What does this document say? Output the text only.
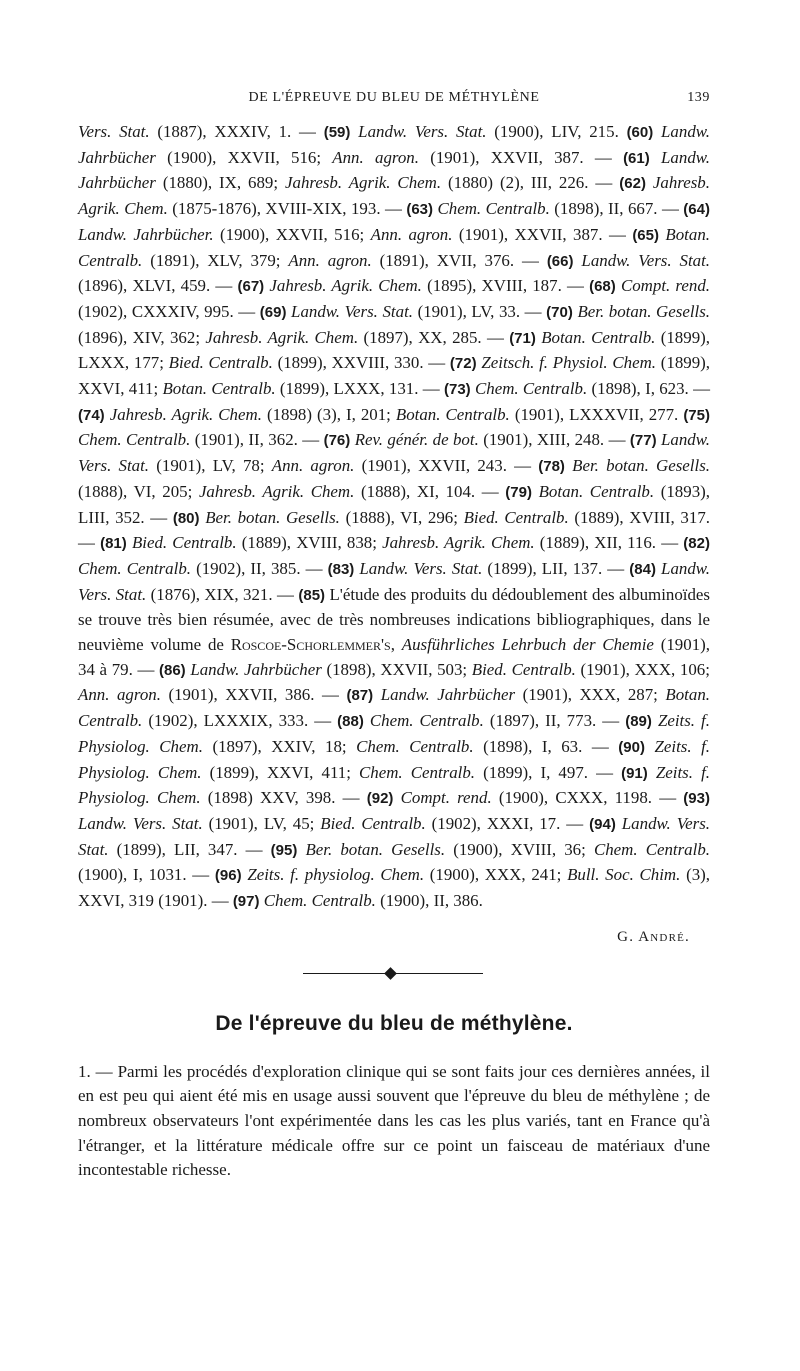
DE L'ÉPREUVE DU BLEU DE MÉTHYLÈNE	139

Vers. Stat. (1887), XXXIV, 1. — (59) Landw. Vers. Stat. (1900), LIV, 215. (60) Landw. Jahrbücher (1900), XXVII, 516; Ann. agron. (1901), XXVII, 387. — (61) Landw. Jahrbücher (1880), IX, 689; Jahresb. Agrik. Chem. (1880) (2), III, 226. — (62) Jahresb. Agrik. Chem. (1875-1876), XVIII-XIX, 193. — (63) Chem. Centralb. (1898), II, 667. — (64) Landw. Jahrbücher. (1900), XXVII, 516; Ann. agron. (1901), XXVII, 387. — (65) Botan. Centralb. (1891), XLV, 379; Ann. agron. (1891), XVII, 376. — (66) Landw. Vers. Stat. (1896), XLVI, 459. — (67) Jahresb. Agrik. Chem. (1895), XVIII, 187. — (68) Compt. rend. (1902), CXXXIV, 995. — (69) Landw. Vers. Stat. (1901), LV, 33. — (70) Ber. botan. Gesells. (1896), XIV, 362; Jahresb. Agrik. Chem. (1897), XX, 285. — (71) Botan. Centralb. (1899), LXXX, 177; Bied. Centralb. (1899), XXVIII, 330. — (72) Zeitsch. f. Physiol. Chem. (1899), XXVI, 411; Botan. Centralb. (1899), LXXX, 131. — (73) Chem. Centralb. (1898), I, 623. — (74) Jahresb. Agrik. Chem. (1898) (3), I, 201; Botan. Centralb. (1901), LXXXVII, 277. (75) Chem. Centralb. (1901), II, 362. — (76) Rev. génér. de bot. (1901), XIII, 248. — (77) Landw. Vers. Stat. (1901), LV, 78; Ann. agron. (1901), XXVII, 243. — (78) Ber. botan. Gesells. (1888), VI, 205; Jahresb. Agrik. Chem. (1888), XI, 104. — (79) Botan. Centralb. (1893), LIII, 352. — (80) Ber. botan. Gesells. (1888), VI, 296; Bied. Centralb. (1889), XVIII, 317. — (81) Bied. Centralb. (1889), XVIII, 838; Jahresb. Agrik. Chem. (1889), XII, 116. — (82) Chem. Centralb. (1902), II, 385. — (83) Landw. Vers. Stat. (1899), LII, 137. — (84) Landw. Vers. Stat. (1876), XIX, 321. — (85) L'étude des produits du dédoublement des albuminoïdes se trouve très bien résumée, avec de très nombreuses indications bibliographiques, dans le neuvième volume de Roscoe-Schorlemmer's, Ausführliches Lehrbuch der Chemie (1901), 34 à 79. — (86) Landw. Jahrbücher (1898), XXVII, 503; Bied. Centralb. (1901), XXX, 106; Ann. agron. (1901), XXVII, 386. — (87) Landw. Jahrbücher (1901), XXX, 287; Botan. Centralb. (1902), LXXXIX, 333. — (88) Chem. Centralb. (1897), II, 773. — (89) Zeits. f. Physiolog. Chem. (1897), XXIV, 18; Chem. Centralb. (1898), I, 63. — (90) Zeits. f. Physiolog. Chem. (1899), XXVI, 411; Chem. Centralb. (1899), I, 497. — (91) Zeits. f. Physiolog. Chem. (1898) XXV, 398. — (92) Compt. rend. (1900), CXXX, 1198. — (93) Landw. Vers. Stat. (1901), LV, 45; Bied. Centralb. (1902), XXXI, 17. — (94) Landw. Vers. Stat. (1899), LII, 347. — (95) Ber. botan. Gesells. (1900), XVIII, 36; Chem. Centralb. (1900), I, 1031. — (96) Zeits. f. physiolog. Chem. (1900), XXX, 241; Bull. Soc. Chim. (3), XXVI, 319 (1901). — (97) Chem. Centralb. (1900), II, 386.

G. André.
De l'épreuve du bleu de méthylène.

1. — Parmi les procédés d'exploration clinique qui se sont faits jour ces dernières années, il en est peu qui aient été mis en usage aussi souvent que l'épreuve du bleu de méthylène ; de nombreux observateurs l'ont expérimentée dans les cas les plus variés, tant en France qu'à l'étranger, et la littérature médicale offre sur ce point un faisceau de matériaux d'une incontestable richesse.
